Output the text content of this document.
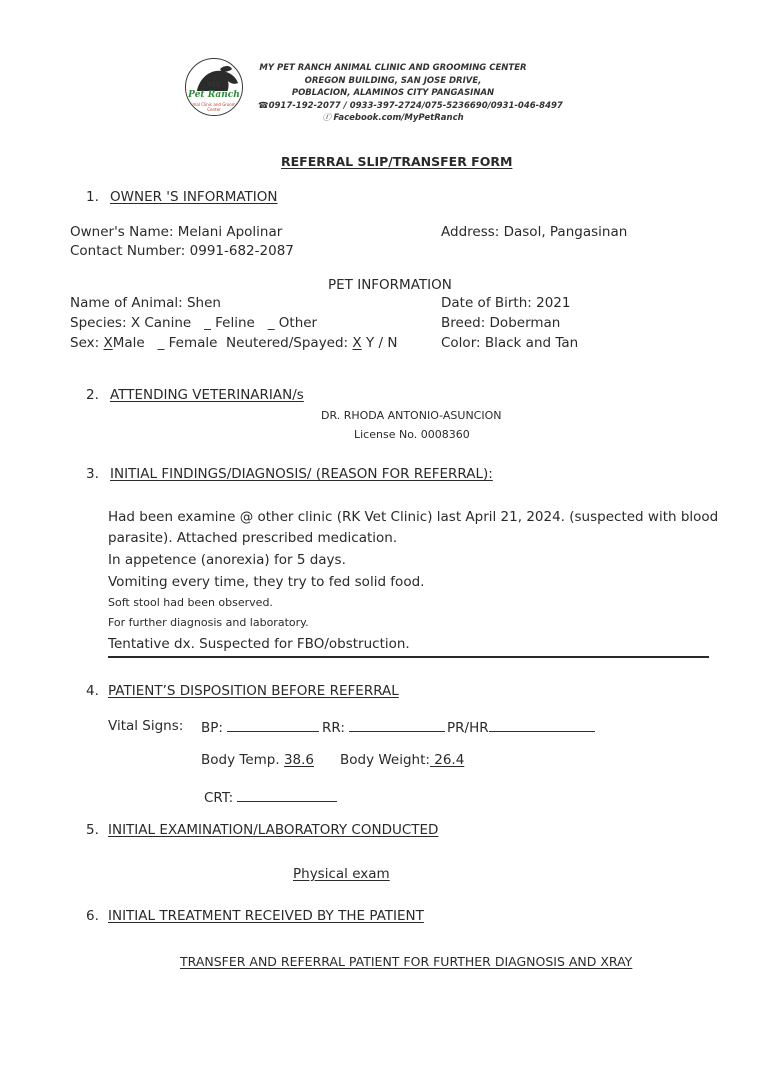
MY
Pet Ranch
Animal Clinic and Grooming Center
MY PET RANCH ANIMAL CLINIC AND GROOMING CENTER
OREGON BUILDING, SAN JOSE DRIVE,
POBLACION, ALAMINOS CITY PANGASINAN
☎0917-192-2077 / 0933-397-2724/075-5236690/0931-046-8497
ⓕ Facebook.com/MyPetRanch
REFERRAL SLIP/TRANSFER FORM
1. OWNER 'S INFORMATION
Owner's Name: Melani Apolinar
Contact Number: 0991-682-2087
Address: Dasol, Pangasinan
PET INFORMATION
Name of Animal: Shen
Species: X Canine _ Feline _ Other
Sex: XMale _ Female Neutered/Spayed: X Y / N
Date of Birth: 2021
Breed: Doberman
Color: Black and Tan
2. ATTENDING VETERINARIAN/s
DR. RHODA ANTONIO-ASUNCION
License No. 0008360
3. INITIAL FINDINGS/DIAGNOSIS/ (REASON FOR REFERRAL):
Had been examine @ other clinic (RK Vet Clinic) last April 21, 2024. (suspected with blood
parasite). Attached prescribed medication.
In appetence (anorexia) for 5 days.
Vomiting every time, they try to fed solid food.
Soft stool had been observed.
For further diagnosis and laboratory.
Tentative dx. Suspected for FBO/obstruction.
4. PATIENT’S DISPOSITION BEFORE REFERRAL
Vital Signs: BP:	RR:	PR/HR
Body Temp. 38.6 Body Weight: 26.4
CRT:
5. INITIAL EXAMINATION/LABORATORY CONDUCTED
Physical exam
6. INITIAL TREATMENT RECEIVED BY THE PATIENT
TRANSFER AND REFERRAL PATIENT FOR FURTHER DIAGNOSIS AND XRAY
